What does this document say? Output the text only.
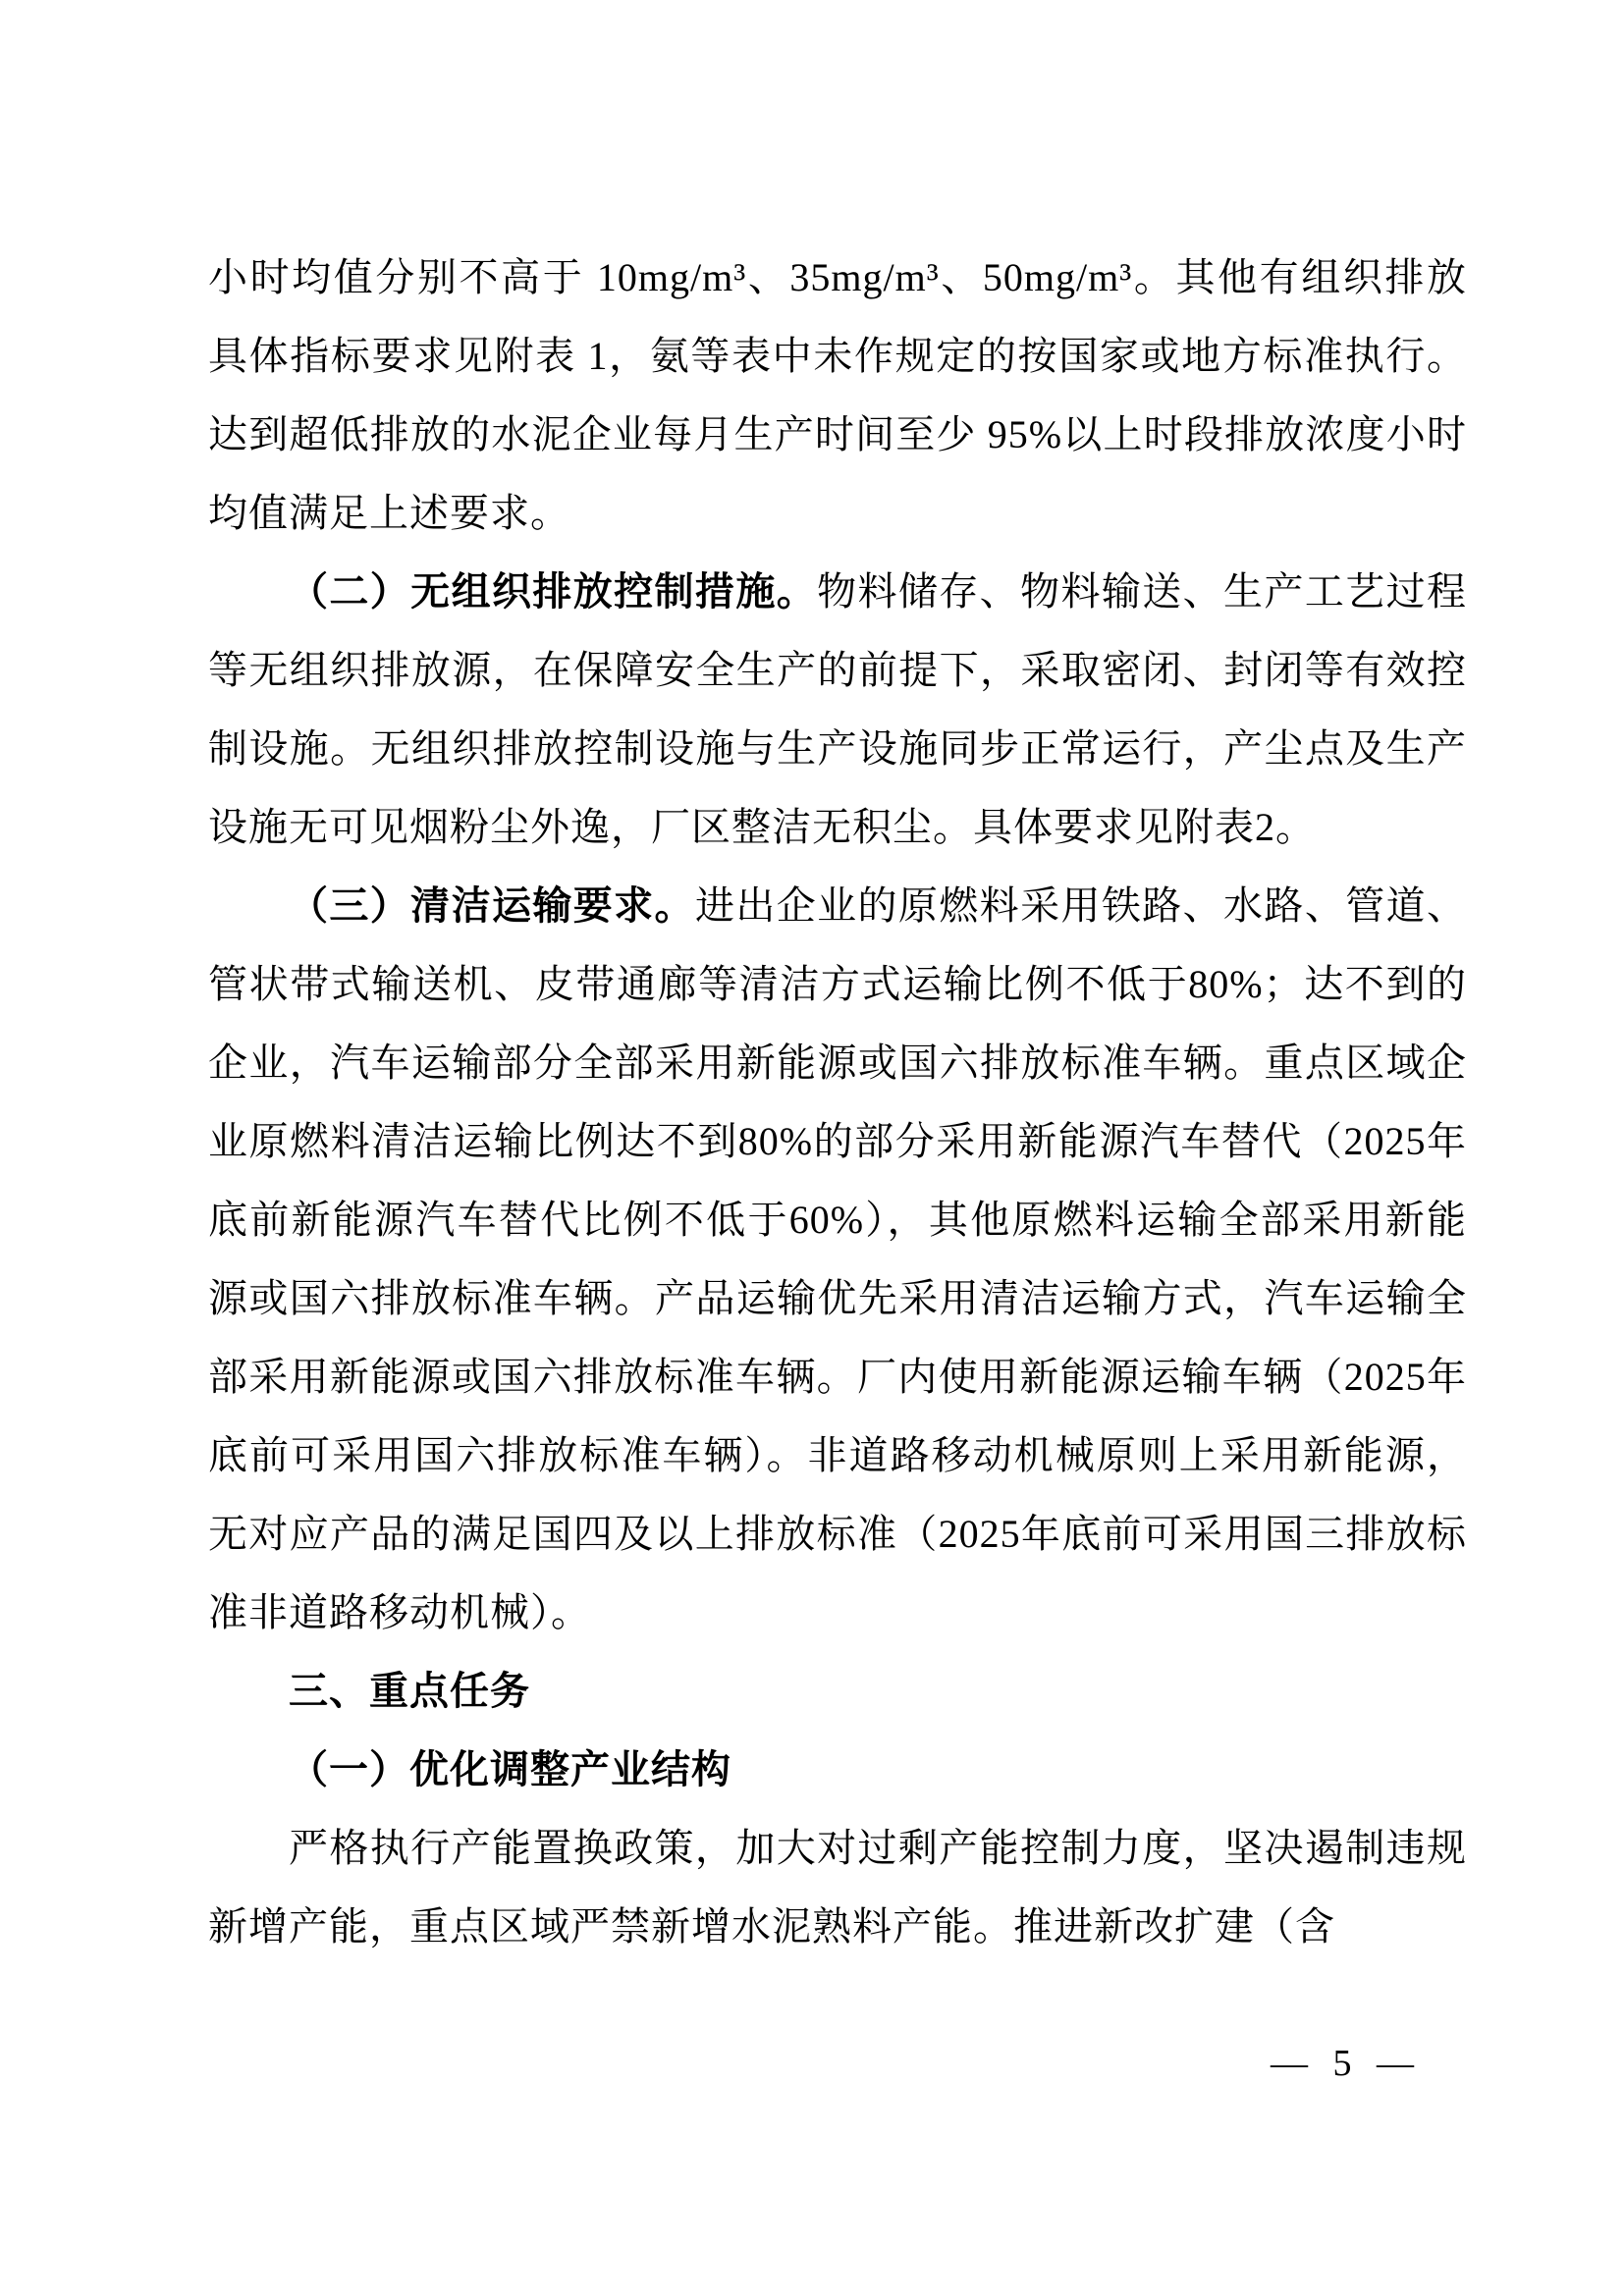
小时均值分别不高于 10mg/m³、35mg/m³、50mg/m³。其他有组织排放具体指标要求见附表 1，氨等表中未作规定的按国家或地方标准执行。达到超低排放的水泥企业每月生产时间至少 95%以上时段排放浓度小时均值满足上述要求。

（二）无组织排放控制措施。物料储存、物料输送、生产工艺过程等无组织排放源，在保障安全生产的前提下，采取密闭、封闭等有效控制设施。无组织排放控制设施与生产设施同步正常运行，产尘点及生产设施无可见烟粉尘外逸，厂区整洁无积尘。具体要求见附表2。

（三）清洁运输要求。进出企业的原燃料采用铁路、水路、管道、管状带式输送机、皮带通廊等清洁方式运输比例不低于80%；达不到的企业，汽车运输部分全部采用新能源或国六排放标准车辆。重点区域企业原燃料清洁运输比例达不到80%的部分采用新能源汽车替代（2025年底前新能源汽车替代比例不低于60%），其他原燃料运输全部采用新能源或国六排放标准车辆。产品运输优先采用清洁运输方式，汽车运输全部采用新能源或国六排放标准车辆。厂内使用新能源运输车辆（2025年底前可采用国六排放标准车辆）。非道路移动机械原则上采用新能源，无对应产品的满足国四及以上排放标准（2025年底前可采用国三排放标准非道路移动机械）。

三、重点任务
（一）优化调整产业结构

严格执行产能置换政策，加大对过剩产能控制力度，坚决遏制违规新增产能，重点区域严禁新增水泥熟料产能。推进新改扩建（含

— 5 —
